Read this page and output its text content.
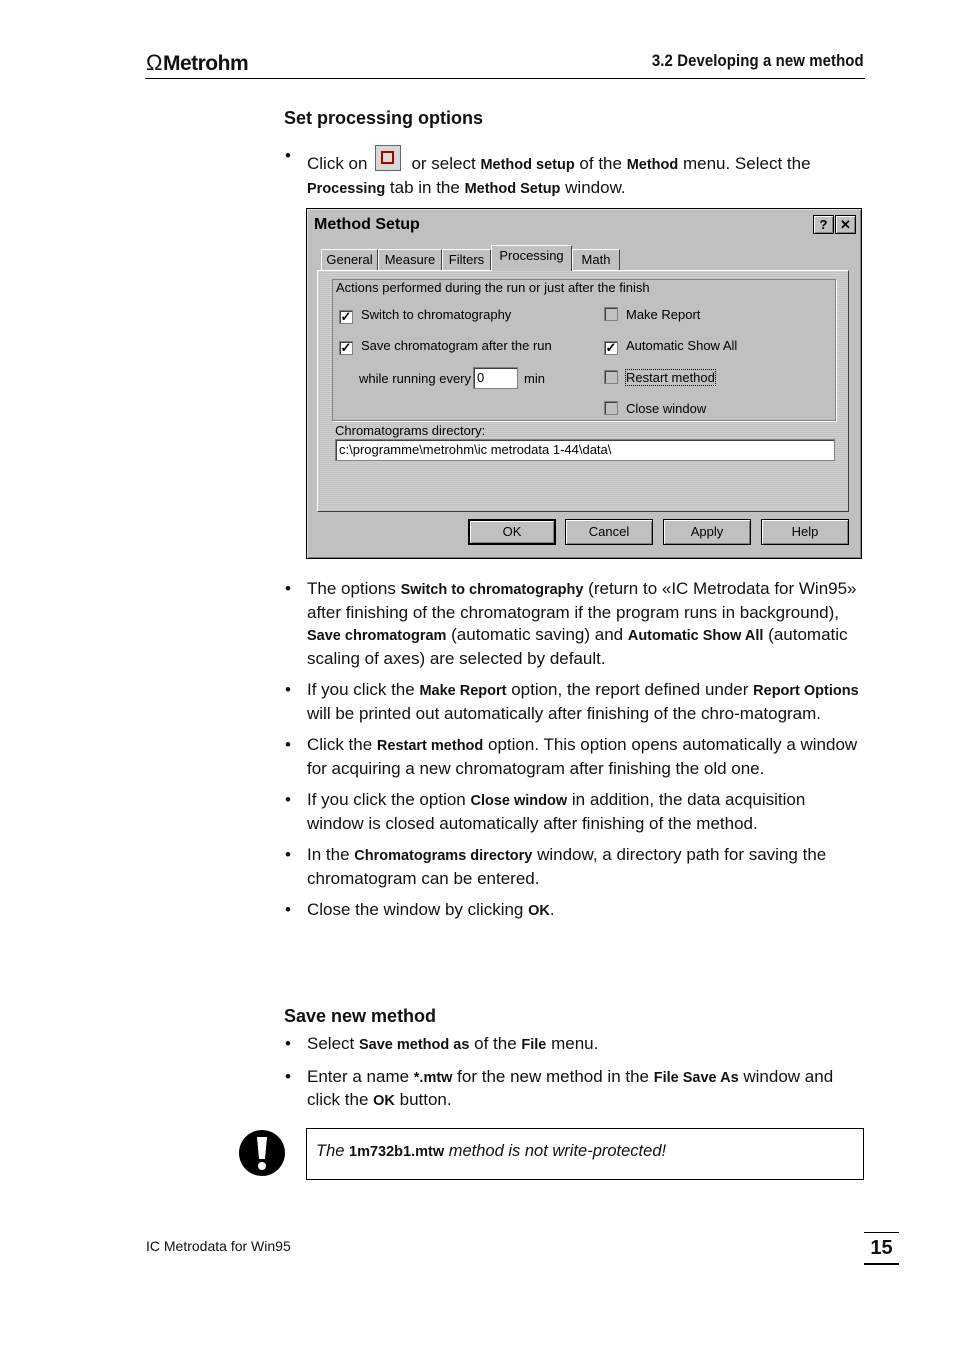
ΩMetrohm	3.2 Developing a new method
Set processing options
• Click on	or select Method setup of the Method menu. Select the Processing tab in the Method Setup window.
Method Setup	? ✕
General Measure	Filters	Processing	Math
Actions performed during the run or just after the finish
✓ Switch to chromatography
✓ Save chromatogram after the run
while running every 0	min
Make Report
✓ Automatic Show All
Restart method
Close window
Chromatograms directory:
c:\programme\metrohm\ic metrodata 1-44\data\
OK	Cancel	Apply	Help
• The options Switch to chromatography (return to «IC Metrodata for Win95» after finishing of the chromatogram if the program runs in background), Save chromatogram (automatic saving) and Automatic Show All (automatic scaling of axes) are selected by default.
• If you click the Make Report option, the report defined under Report Options will be printed out automatically after finishing of the chro-matogram.
• Click the Restart method option. This option opens automatically a window for acquiring a new chromatogram after finishing the old one.
• If you click the option Close window in addition, the data acquisition window is closed automatically after finishing of the method.
• In the Chromatograms directory window, a directory path for saving the chromatogram can be entered.
• Close the window by clicking OK.
Save new method
• Select Save method as of the File menu.
• Enter a name *.mtw for the new method in the File Save As window and click the OK button.
The 1m732b1.mtw method is not write-protected!
IC Metrodata for Win95	15
